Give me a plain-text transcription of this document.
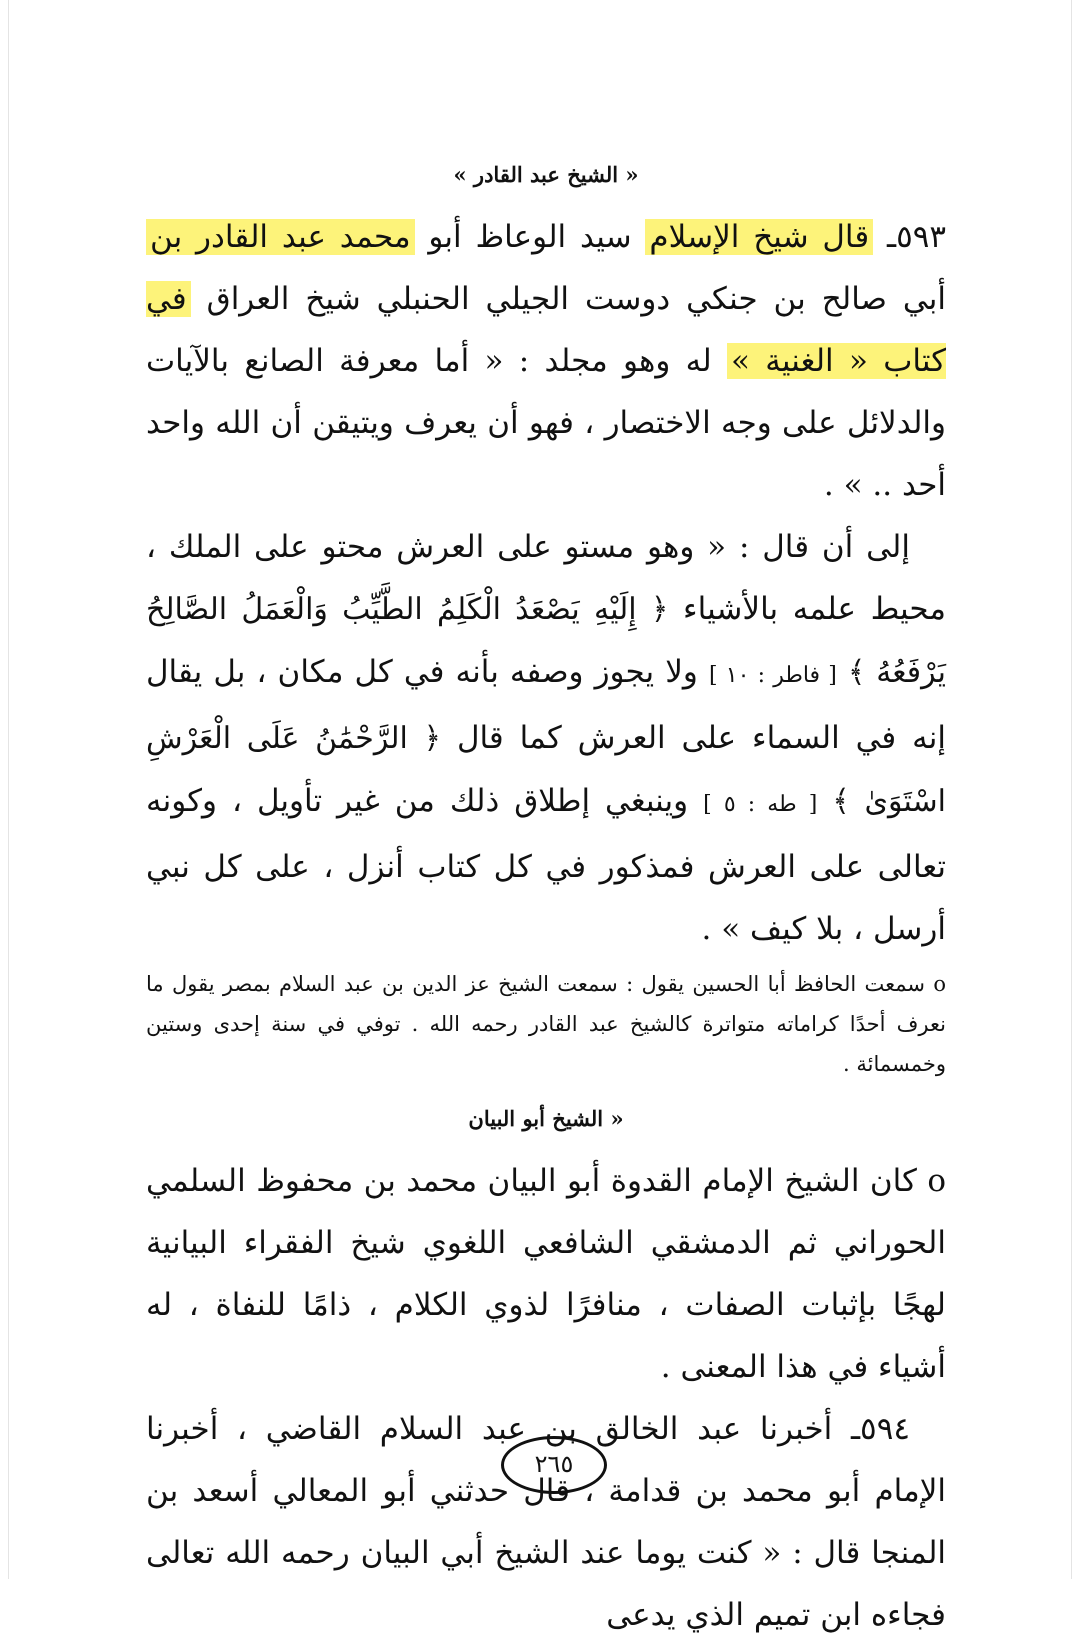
« الشيخ عبد القادر »

٥٩٣ـ قال شيخ الإسلام سيد الوعاظ أبو محمد عبد القادر بن أبي صالح بن جنكي دوست الجيلي الحنبلي شيخ العراق في كتاب « الغنية » له وهو مجلد : « أما معرفة الصانع بالآيات والدلائل على وجه الاختصار ، فهو أن يعرف ويتيقن أن الله واحد أحد .. » .

إلى أن قال : « وهو مستو على العرش محتو على الملك ، محيط علمه بالأشياء ﴿ إِلَيْهِ يَصْعَدُ الْكَلِمُ الطَّيِّبُ وَالْعَمَلُ الصَّالِحُ يَرْفَعُهُ ﴾ [ فاطر : ١٠ ] ولا يجوز وصفه بأنه في كل مكان ، بل يقال إنه في السماء على العرش كما قال ﴿ الرَّحْمَٰنُ عَلَى الْعَرْشِ اسْتَوَىٰ ﴾ [ طه : ٥ ] وينبغي إطلاق ذلك من غير تأويل ، وكونه تعالى على العرش فمذكور في كل كتاب أنزل ، على كل نبي أرسل ، بلا كيف » .

o سمعت الحافظ أبا الحسين يقول : سمعت الشيخ عز الدين بن عبد السلام بمصر يقول ما نعرف أحدًا كراماته متواترة كالشيخ عبد القادر رحمه الله . توفي في سنة إحدى وستين وخمسمائة .

« الشيخ أبو البيان

o كان الشيخ الإمام القدوة أبو البيان محمد بن محفوظ السلمي الحوراني ثم الدمشقي الشافعي اللغوي شيخ الفقراء البيانية لهجًا بإثبات الصفات ، منافرًا لذوي الكلام ، ذامًا للنفاة ، له أشياء في هذا المعنى .

٥٩٤ـ أخبرنا عبد الخالق بن عبد السلام القاضي ، أخبرنا الإمام أبو محمد بن قدامة ، قال حدثني أبو المعالي أسعد بن المنجا قال : « كنت يوما عند الشيخ أبي البيان رحمه الله تعالى فجاءه ابن تميم الذي يدعى

٢٦٥
